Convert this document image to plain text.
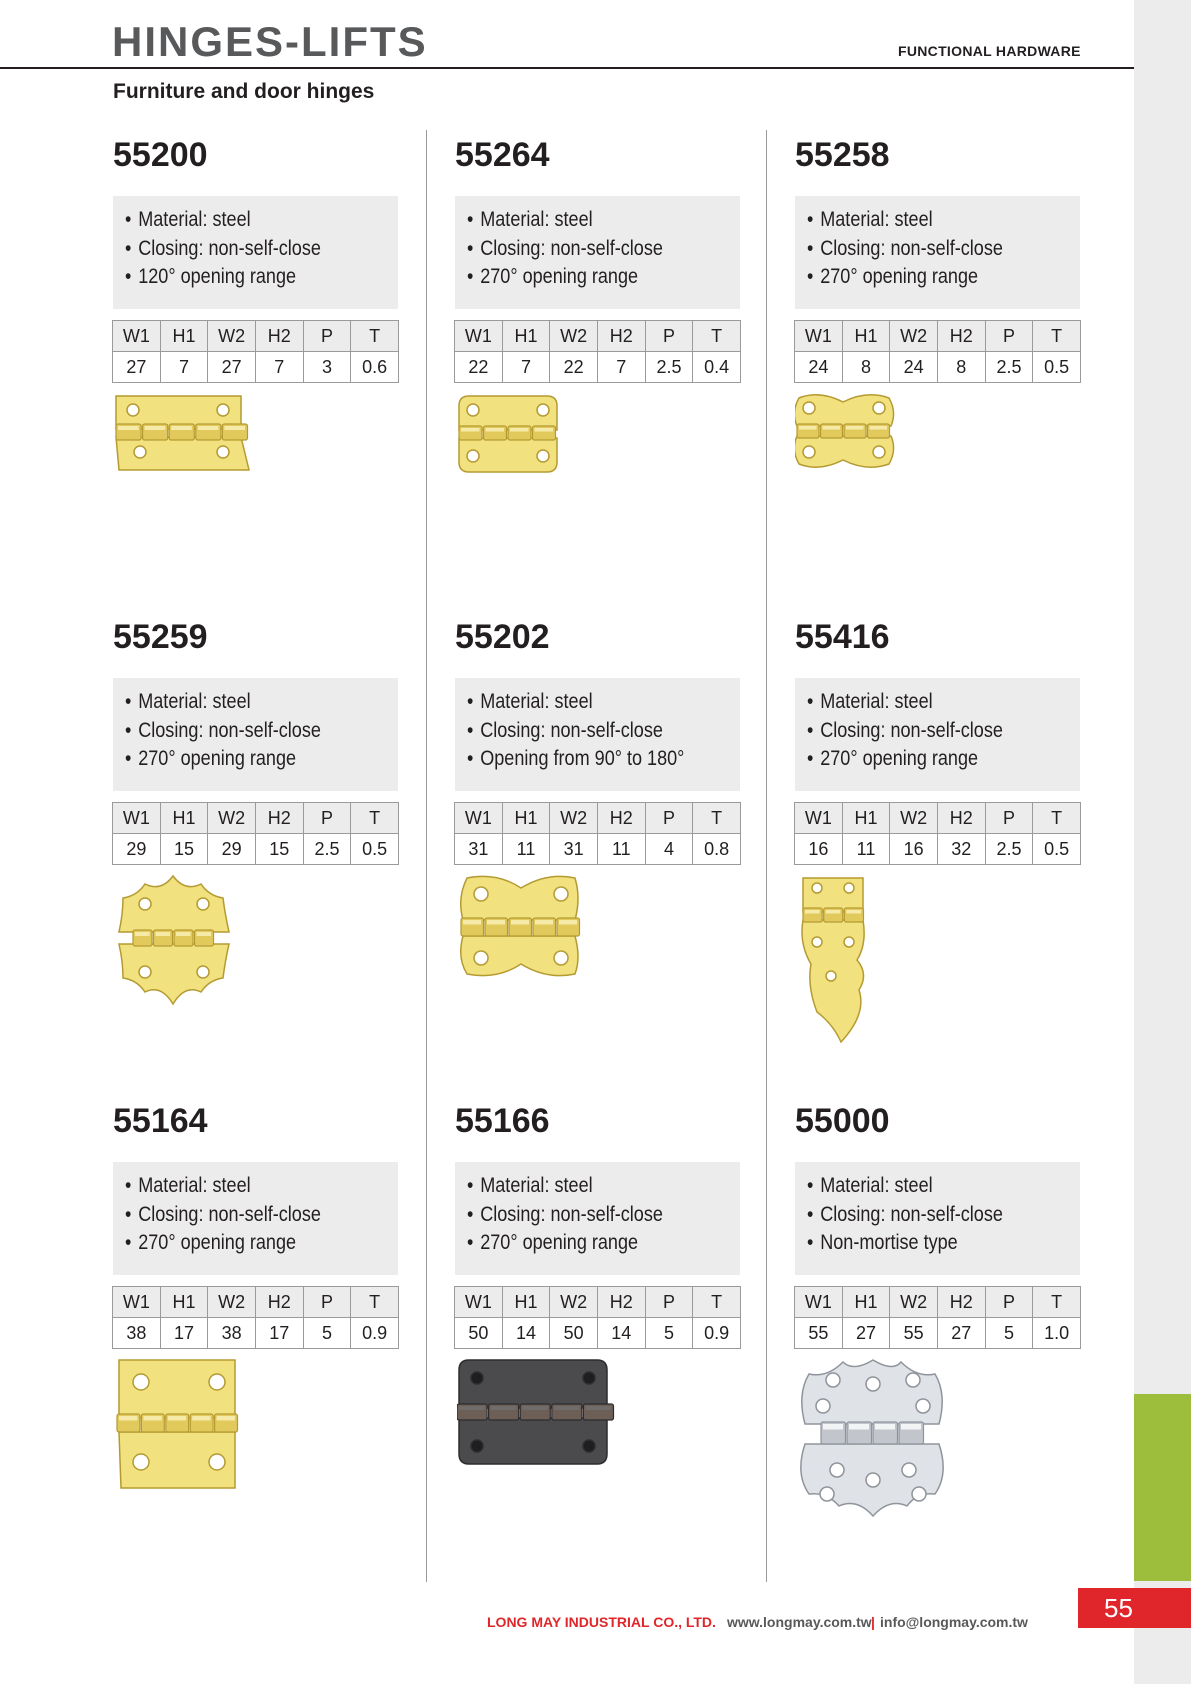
HINGES-LIFTS	FUNCTIONAL HARDWARE
Furniture and door hinges
55200
• Material: steel
• Closing: non-self-close
• 120° opening range
W1	H1	W2	H2	P	T
27	7	27	7	3	0.6
55264
• Material: steel
• Closing: non-self-close
• 270° opening range
W1	H1	W2	H2	P	T
22	7	22	7	2.5	0.4
55258
• Material: steel
• Closing: non-self-close
• 270° opening range
W1	H1	W2	H2	P	T
24	8	24	8	2.5	0.5
55259
• Material: steel
• Closing: non-self-close
• 270° opening range
W1	H1	W2	H2	P	T
29	15	29	15	2.5	0.5
55202
• Material: steel
• Closing: non-self-close
• Opening from 90° to 180°
W1	H1	W2	H2	P	T
31	11	31	11	4	0.8
55416
• Material: steel
• Closing: non-self-close
• 270° opening range
W1	H1	W2	H2	P	T
16	11	16	32	2.5	0.5
55164
• Material: steel
• Closing: non-self-close
• 270° opening range
W1	H1	W2	H2	P	T
38	17	38	17	5	0.9
55166
• Material: steel
• Closing: non-self-close
• 270° opening range
W1	H1	W2	H2	P	T
50	14	50	14	5	0.9
55000
• Material: steel
• Closing: non-self-close
• Non-mortise type
W1	H1	W2	H2	P	T
55	27	55	27	5	1.0
LONG MAY INDUSTRIAL CO., LTD. www.longmay.com.tw | info@longmay.com.tw	55
